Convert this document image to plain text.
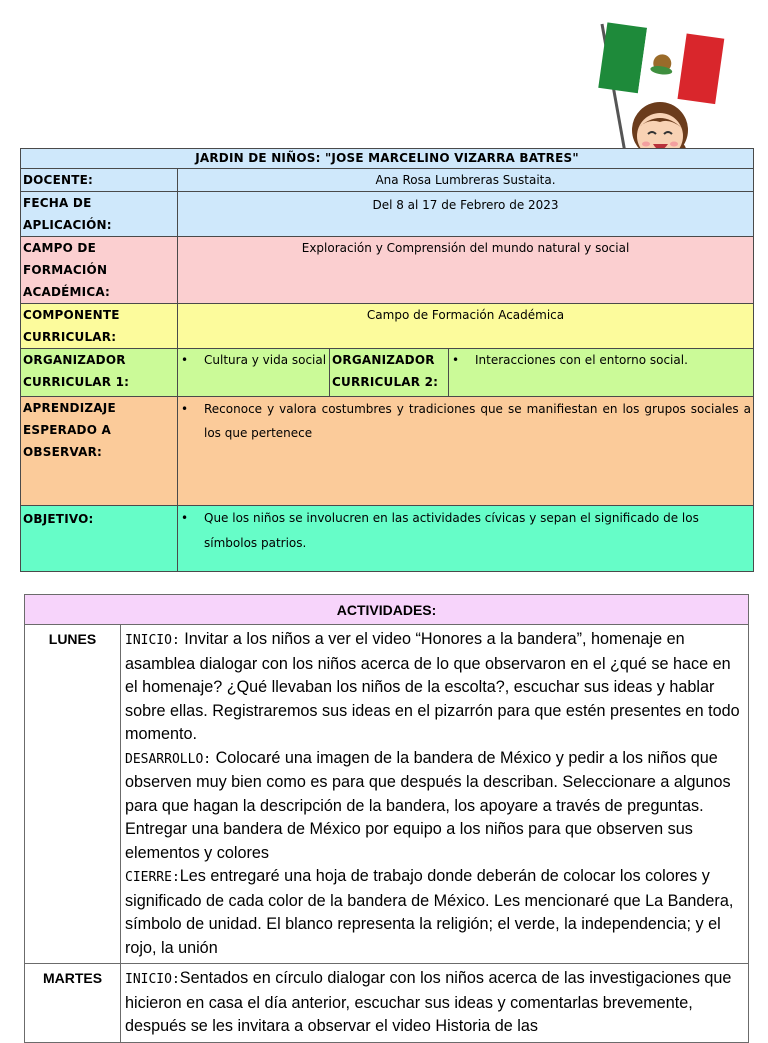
JARDIN DE NIÑOS: "JOSE MARCELINO VIZARRA BATRES"			
DOCENTE:	Ana Rosa Lumbreras Sustaita.		
FECHA DE APLICACIÓN:	Del 8 al 17 de Febrero de 2023		
CAMPO DE FORMACIÓN ACADÉMICA:	Exploración y Comprensión del mundo natural y social		
COMPONENTE CURRICULAR:	Campo de Formación Académica		
ORGANIZADOR CURRICULAR 1:	• Cultura y vida social	ORGANIZADOR CURRICULAR 2:	• Interacciones con el entorno social.
APRENDIZAJE ESPERADO A OBSERVAR:	• Reconoce y valora costumbres y tradiciones que se manifiestan en los grupos sociales a los que pertenece
OBJETIVO:	• Que los niños se involucren en las actividades cívicas y sepan el significado de los símbolos patrios.
ACTIVIDADES:	
LUNES	INICIO: Invitar a los niños a ver el video “Honores a la bandera”, homenaje en asamblea dialogar con los niños acerca de lo que observaron en el ¿qué se hace en el homenaje? ¿Qué llevaban los niños de la escolta?, escuchar sus ideas y hablar sobre ellas. Registraremos sus ideas en el pizarrón para que estén presentes en todo momento.
DESARROLLO: Colocaré una imagen de la bandera de México y pedir a los niños que observen muy bien como es para que después la describan. Seleccionare a algunos para que hagan la descripción de la bandera, los apoyare a través de preguntas. Entregar una bandera de México por equipo a los niños para que observen sus elementos y colores
CIERRE:Les entregaré una hoja de trabajo donde deberán de colocar los colores y significado de cada color de la bandera de México. Les mencionaré que La Bandera, símbolo de unidad. El blanco representa la religión; el verde, la independencia; y el rojo, la unión
MARTES	INICIO:Sentados en círculo dialogar con los niños acerca de las investigaciones que hicieron en casa el día anterior, escuchar sus ideas y comentarlas brevemente, después se les invitara a observar el video Historia de las
